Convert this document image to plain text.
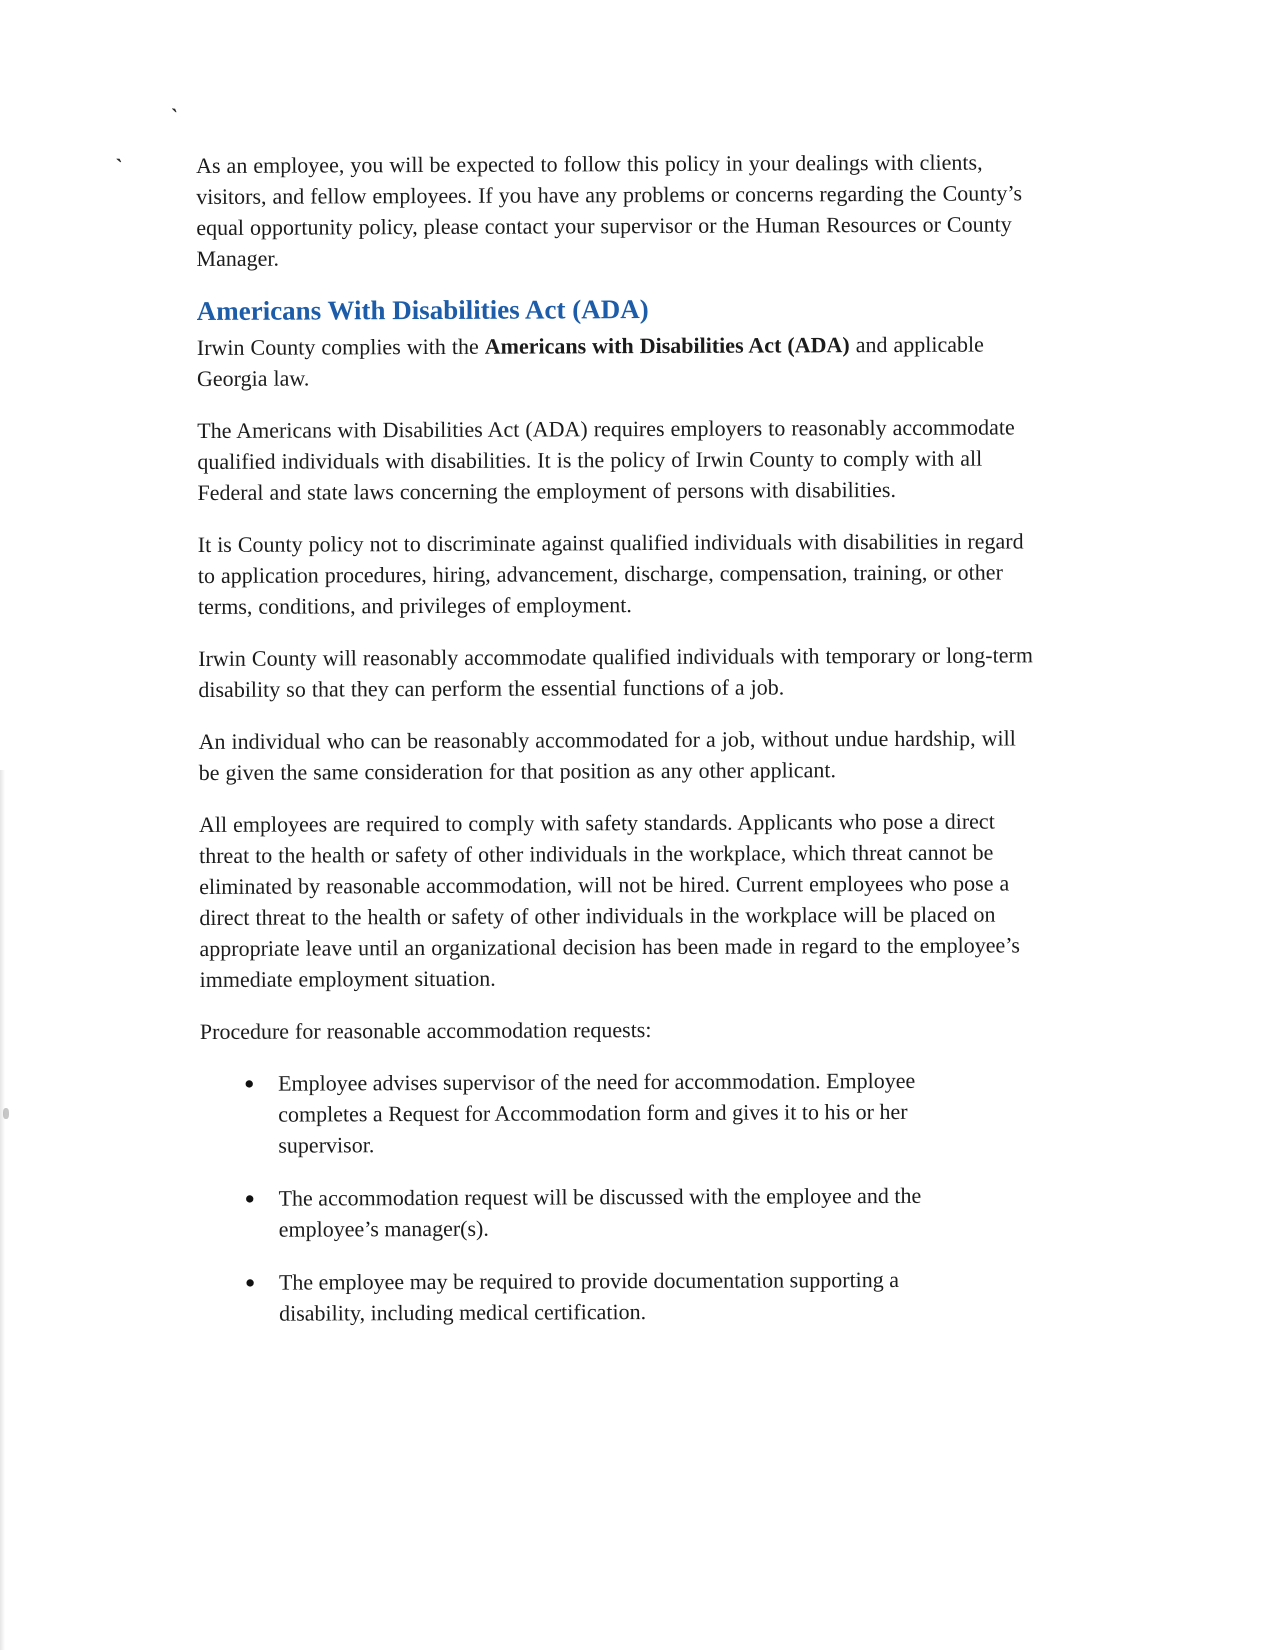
ˋ
ˋ	As an employee, you will be expected to follow this policy in your dealings with clients, visitors, and fellow employees. If you have any problems or concerns regarding the County’s equal opportunity policy, please contact your supervisor or the Human Resources or County Manager.

Americans With Disabilities Act (ADA)

Irwin County complies with the Americans with Disabilities Act (ADA) and applicable Georgia law.

The Americans with Disabilities Act (ADA) requires employers to reasonably accommodate qualified individuals with disabilities. It is the policy of Irwin County to comply with all Federal and state laws concerning the employment of persons with disabilities.

It is County policy not to discriminate against qualified individuals with disabilities in regard to application procedures, hiring, advancement, discharge, compensation, training, or other terms, conditions, and privileges of employment.

Irwin County will reasonably accommodate qualified individuals with temporary or long-term disability so that they can perform the essential functions of a job.

An individual who can be reasonably accommodated for a job, without undue hardship, will be given the same consideration for that position as any other applicant.

All employees are required to comply with safety standards. Applicants who pose a direct threat to the health or safety of other individuals in the workplace, which threat cannot be eliminated by reasonable accommodation, will not be hired. Current employees who pose a direct threat to the health or safety of other individuals in the workplace will be placed on appropriate leave until an organizational decision has been made in regard to the employee’s immediate employment situation.

Procedure for reasonable accommodation requests:

●	Employee advises supervisor of the need for accommodation. Employee completes a Request for Accommodation form and gives it to his or her supervisor.
●	The accommodation request will be discussed with the employee and the employee’s manager(s).
●	The employee may be required to provide documentation supporting a disability, including medical certification.
